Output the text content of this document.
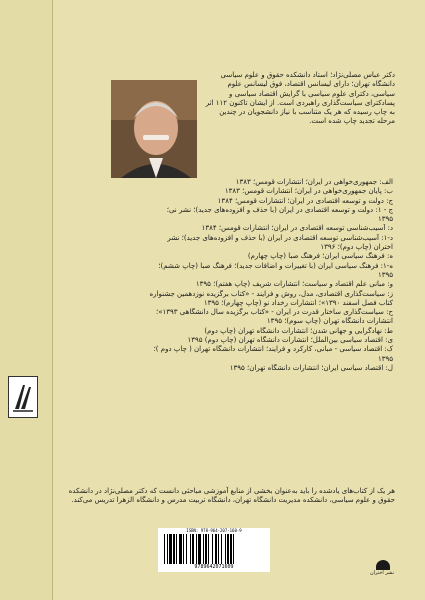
دکتر عباس مصلی‌نژاد؛ استاد دانشکده حقوق و علوم سیاسی دانشگاه تهران؛ دارای لیسانس اقتصاد، فوق لیسانس علوم سیاسی، دکترای علوم سیاسی با گرایش اقتصاد سیاسی و پسادکترای سیاست‌گذاری راهبردی است. از ایشان تاکنون ۱۱۲ اثر به چاپ رسیده که هر یک متناسب با نیاز دانشجویان در چندین مرحله تجدید چاپ شده است.
الف: جمهوری‌خواهی در ایران؛ انتشارات قومس؛ ۱۳۸۳
ب: پایان جمهوری‌خواهی در ایران؛ انتشارات قومس؛ ۱۳۸۳
ج: دولت و توسعه اقتصادی در ایران؛ انتشارات قومس؛ ۱۳۸۴
ج - ۱: دولت و توسعه اقتصادی در ایران (با حذف و افزوده‌های جدید)؛ نشر نی؛
۱۳۹۵
د: آسیب‌شناسی توسعه اقتصادی در ایران؛ انتشارات قومس؛ ۱۳۸۴
د-۱: آسیب‌شناسی توسعه اقتصادی در ایران (با حذف و افزوده‌های جدید)؛ نشر
اختران (چاپ دوم)؛ ۱۳۹۶
ه: فرهنگ سیاسی ایران؛ فرهنگ صبا (چاپ چهارم)
ه-۱: فرهنگ سیاسی ایران (با تغییرات و اضافات جدید)؛ فرهنگ صبا (چاپ ششم)؛
۱۳۹۵
و: مبانی علم اقتصاد و سیاست؛ انتشارات شریف (چاپ هفتم)؛ ۱۳۹۵
ز: سیاست‌گذاری اقتصادی، مدل، روش و فرایند - «کتاب برگزیده نوزدهمین جشنواره
کتاب فصل اسفند ۱۳۹۰»؛ انتشارات رخداد نو (چاپ چهارم)؛ ۱۳۹۵
ح: سیاست‌گذاری ساختار قدرت در ایران - «کتاب برگزیده سال دانشگاهی ۱۳۹۳»؛
انتشارات دانشگاه تهران (چاپ سوم)؛ ۱۳۹۵
ط: نهادگرایی و جهانی شدن؛ انتشارات دانشگاه تهران (چاپ دوم)
ی: اقتصاد سیاسی بین‌الملل؛ انتشارات دانشگاه تهران (چاپ دوم) ۱۳۹۵
ک: اقتصاد سیاسی - مبانی، کارکرد و فرایند؛ انتشارات دانشگاه تهران ( چاپ دوم )؛
۱۳۹۵
ل: اقتصاد سیاسی ایران؛ انتشارات دانشگاه تهران؛ ۱۳۹۵
هر یک از کتاب‌های یادشده را باید به‌عنوان بخشی از منابع آموزشی مباحثی دانست که دکتر مصلی‌نژاد در دانشکده حقوق و علوم سیاسی، دانشکده مدیریت دانشگاه تهران، دانشگاه تربیت مدرس و دانشگاه الزهرا تدریس می‌کند.
ISBN: 978-964-207-160-9
9789642071609
نشر اختران
